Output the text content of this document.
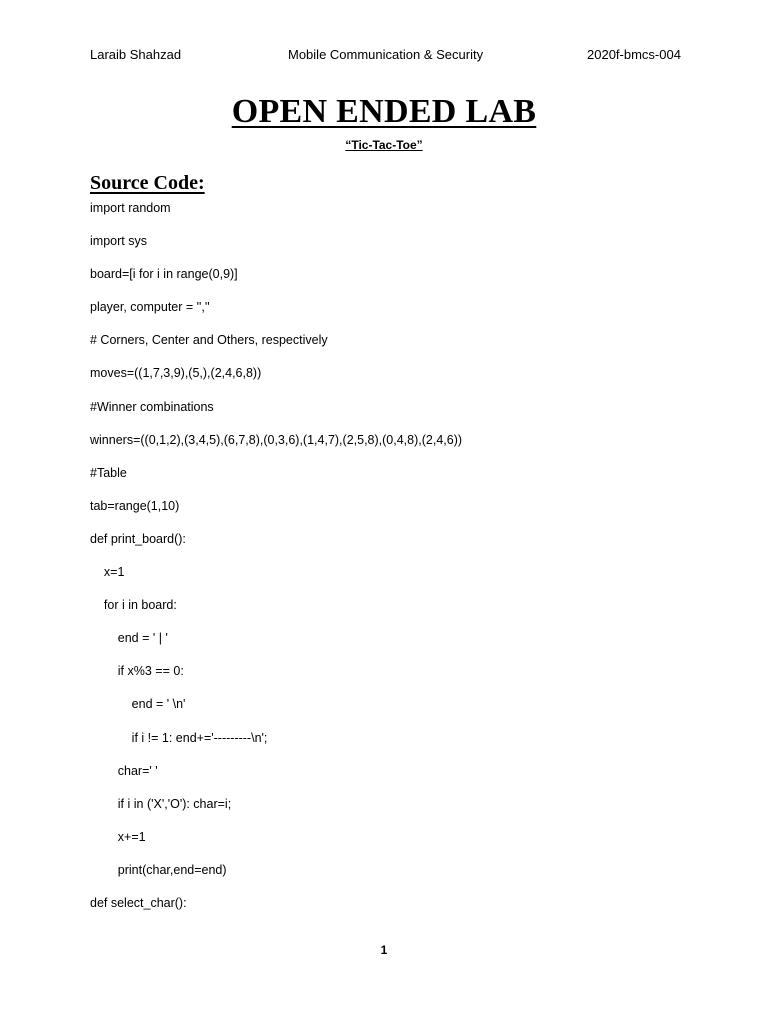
Laraib Shahzad	Mobile Communication & Security	2020f-bmcs-004
OPEN ENDED LAB
“Tic-Tac-Toe”
Source Code:
import random
import sys
board=[i for i in range(0,9)]
player, computer = '',''
# Corners, Center and Others, respectively
moves=((1,7,3,9),(5,),(2,4,6,8))
#Winner combinations
winners=((0,1,2),(3,4,5),(6,7,8),(0,3,6),(1,4,7),(2,5,8),(0,4,8),(2,4,6))
#Table
tab=range(1,10)
def print_board():
x=1
for i in board:
end = ' | '
if x%3 == 0:
end = ' \n'
if i != 1: end+='---------\n';
char=' '
if i in ('X','O'): char=i;
x+=1
print(char,end=end)
def select_char():
1
